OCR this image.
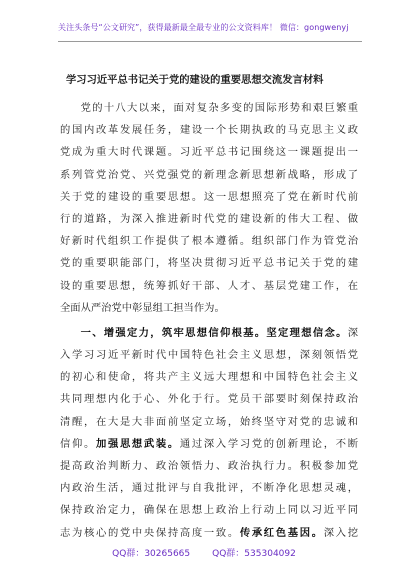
关注头条号“公文研究”，获得最新最全最专业的公文资料库！ 微信：gongwenyj
学习习近平总书记关于党的建设的重要思想交流发言材料
党的十八大以来，面对复杂多变的国际形势和艰巨繁重
的国内改革发展任务，建设一个长期执政的马克思主义政
党成为重大时代课题。习近平总书记围绕这一课题提出一
系列管党治党、兴党强党的新理念新思想新战略，形成了
关于党的建设的重要思想。这一思想照亮了党在新时代前
行的道路，为深入推进新时代党的建设新的伟大工程、做
好新时代组织工作提供了根本遵循。组织部门作为管党治
党的重要职能部门，将坚决贯彻习近平总书记关于党的建
设的重要思想，统筹抓好干部、人才、基层党建工作，在
全面从严治党中彰显组工担当作为。
一、增强定力，筑牢思想信仰根基。坚定理想信念。深
入学习习近平新时代中国特色社会主义思想，深刻领悟党
的初心和使命，将共产主义远大理想和中国特色社会主义
共同理想内化于心、外化于行。党员干部要时刻保持政治
清醒，在大是大非面前坚定立场，始终坚守对党的忠诚和
信仰。加强思想武装。通过深入学习党的创新理论，不断
提高政治判断力、政治领悟力、政治执行力。积极参加党
内政治生活，通过批评与自我批评，不断净化思想灵魂，
保持政治定力，确保在思想上政治上行动上同以习近平同
志为核心的党中央保持高度一致。传承红色基因。深入挖
QQ群：30265665 QQ群：535304092
